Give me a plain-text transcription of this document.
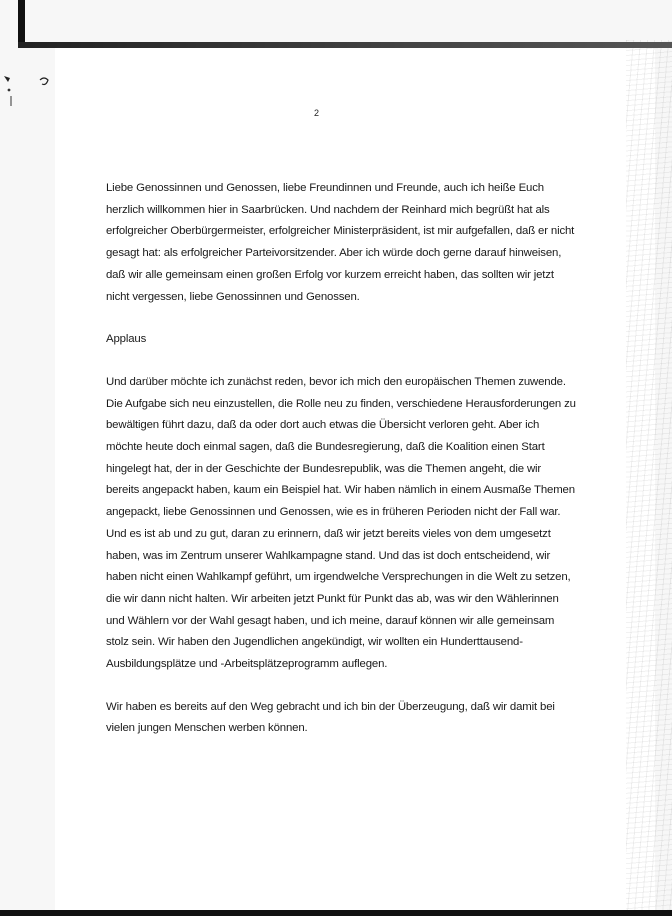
2

Liebe Genossinnen und Genossen, liebe Freundinnen und Freunde, auch ich heiße Euch herzlich willkommen hier in Saarbrücken. Und nachdem der Reinhard mich begrüßt hat als erfolgreicher Oberbürgermeister, erfolgreicher Ministerpräsident, ist mir aufgefallen, daß er nicht gesagt hat: als erfolgreicher Parteivorsitzender. Aber ich würde doch gerne darauf hinweisen, daß wir alle gemeinsam einen großen Erfolg vor kurzem erreicht haben, das sollten wir jetzt nicht vergessen, liebe Genossinnen und Genossen.

Applaus

Und darüber möchte ich zunächst reden, bevor ich mich den europäischen Themen zuwende. Die Aufgabe sich neu einzustellen, die Rolle neu zu finden, verschiedene Herausforderungen zu bewältigen führt dazu, daß da oder dort auch etwas die Übersicht verloren geht. Aber ich möchte heute doch einmal sagen, daß die Bundesregierung, daß die Koalition einen Start hingelegt hat, der in der Geschichte der Bundesrepublik, was die Themen angeht, die wir bereits angepackt haben, kaum ein Beispiel hat. Wir haben nämlich in einem Ausmaße Themen angepackt, liebe Genossinnen und Genossen, wie es in früheren Perioden nicht der Fall war. Und es ist ab und zu gut, daran zu erinnern, daß wir jetzt bereits vieles von dem umgesetzt haben, was im Zentrum unserer Wahlkampagne stand. Und das ist doch entscheidend, wir haben nicht einen Wahlkampf geführt, um irgendwelche Versprechungen in die Welt zu setzen, die wir dann nicht halten. Wir arbeiten jetzt Punkt für Punkt das ab, was wir den Wählerinnen und Wählern vor der Wahl gesagt haben, und ich meine, darauf können wir alle gemeinsam stolz sein. Wir haben den Jugendlichen angekündigt, wir wollten ein Hunderttausend-Ausbildungsplätze und -Arbeitsplätzeprogramm auflegen.

Wir haben es bereits auf den Weg gebracht und ich bin der Überzeugung, daß wir damit bei vielen jungen Menschen werben können.
